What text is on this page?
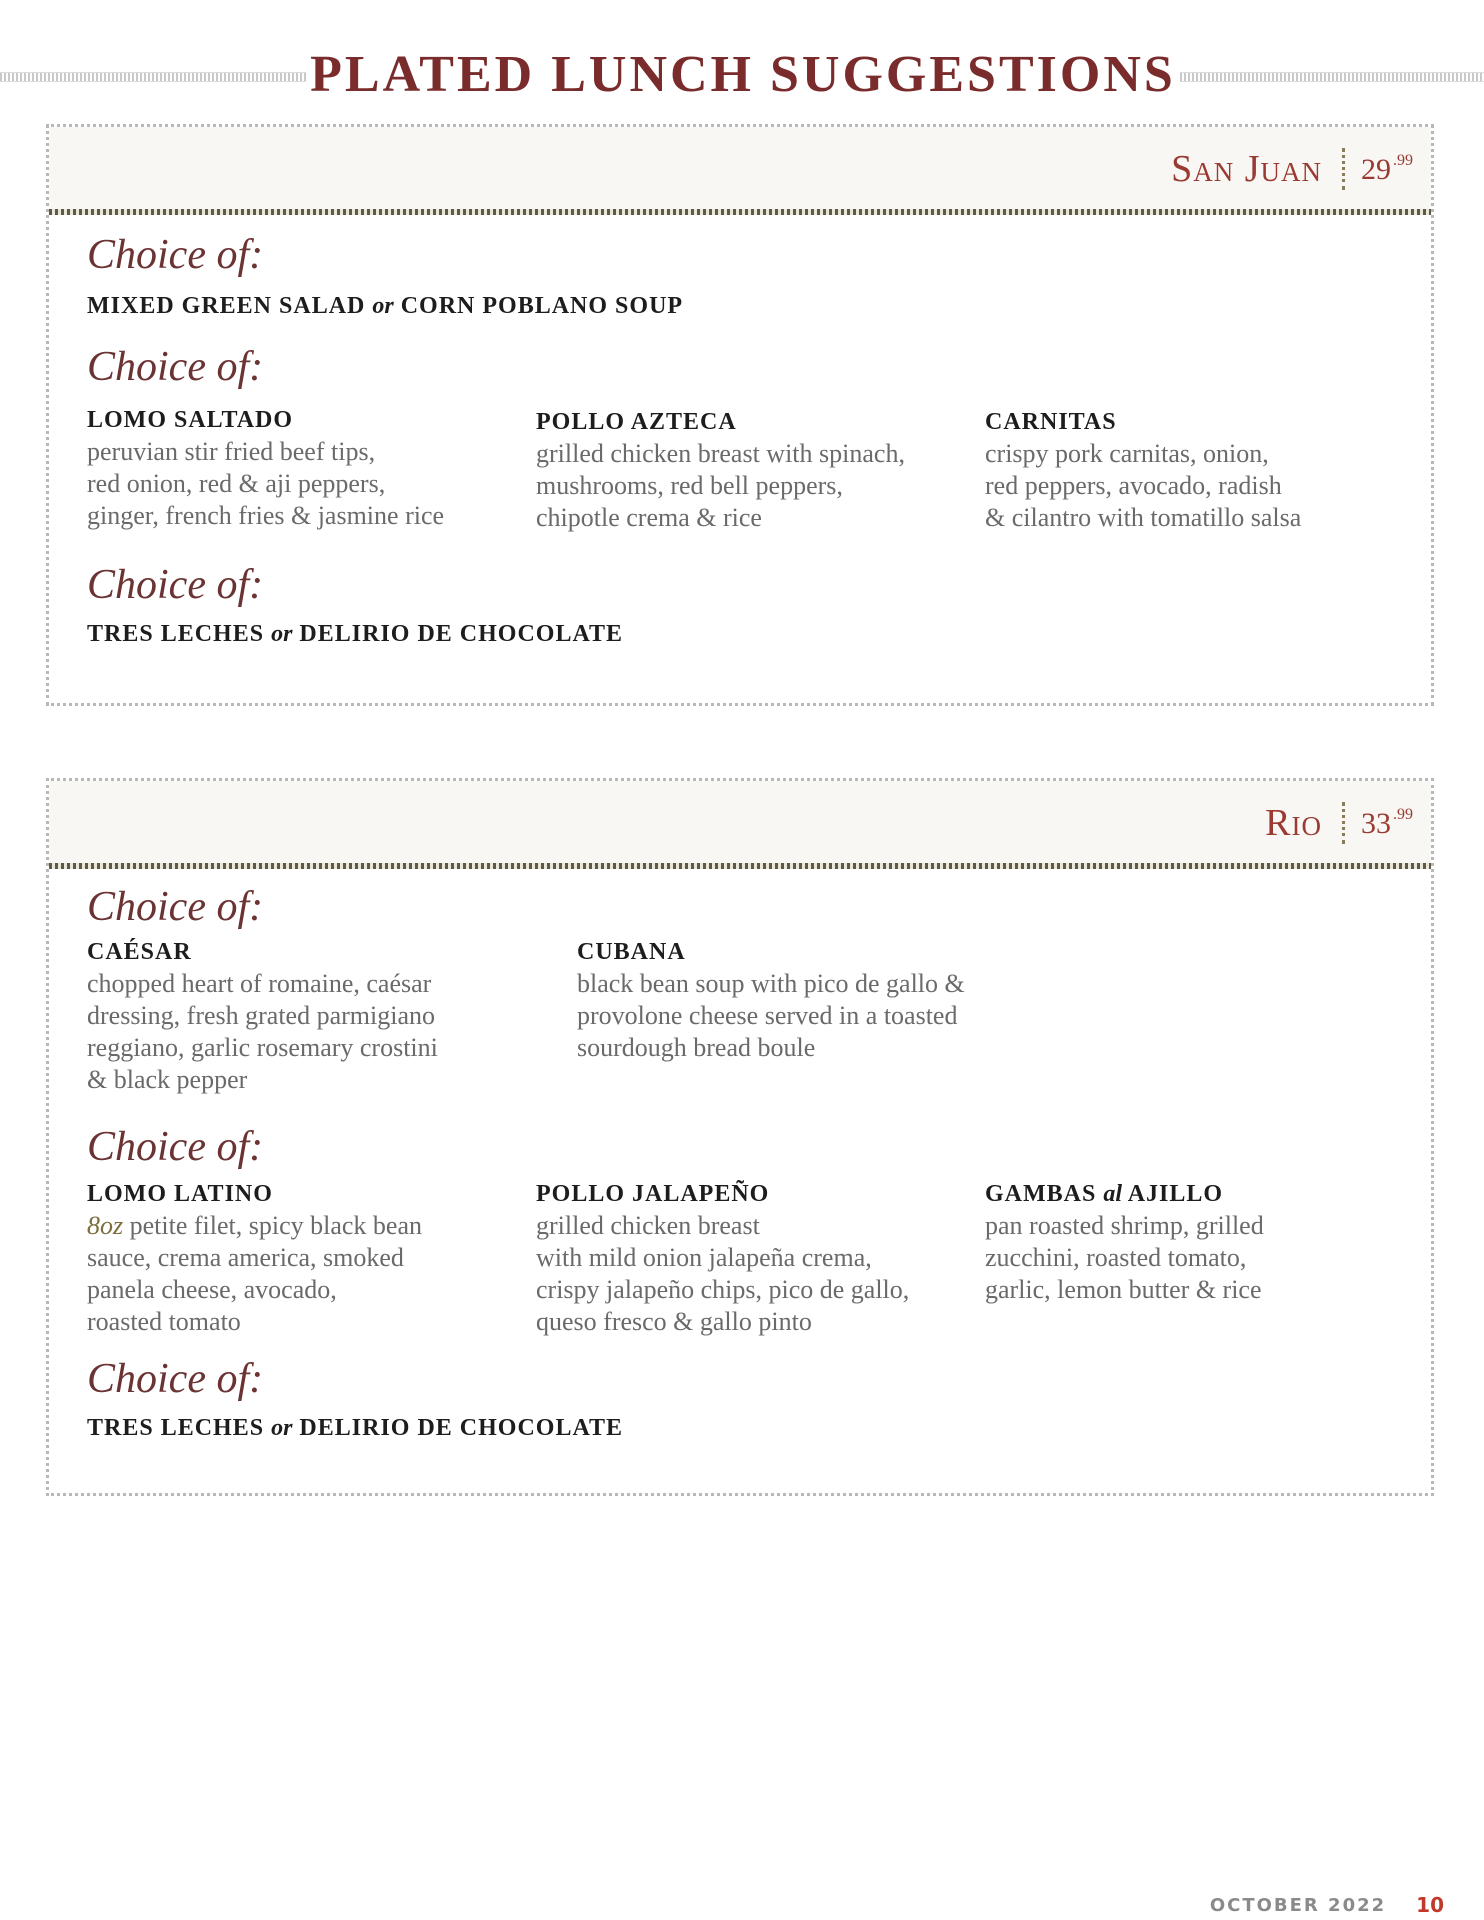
PLATED LUNCH SUGGESTIONS
San Juan 29 $^{.99}$
Choice of:
MIXED GREEN SALAD or CORN POBLANO SOUP
Choice of:
LOMO SALTADO
peruvian stir fried beef tips,
red onion, red & aji peppers,
ginger, french fries & jasmine rice
POLLO AZTECA
grilled chicken breast with spinach,
mushrooms, red bell peppers,
chipotle crema & rice
CARNITAS
crispy pork carnitas, onion,
red peppers, avocado, radish
& cilantro with tomatillo salsa
Choice of:
TRES LECHES or DELIRIO DE CHOCOLATE
Rio 33 $^{.99}$
Choice of:
CAÉSAR
chopped heart of romaine, caésar
dressing, fresh grated parmigiano
reggiano, garlic rosemary crostini
& black pepper
CUBANA
black bean soup with pico de gallo &
provolone cheese served in a toasted
sourdough bread boule
Choice of:
LOMO LATINO
8oz petite filet, spicy black bean
sauce, crema america, smoked
panela cheese, avocado,
roasted tomato
POLLO JALAPEÑO
grilled chicken breast
with mild onion jalapeña crema,
crispy jalapeño chips, pico de gallo,
queso fresco & gallo pinto
GAMBAS al AJILLO
pan roasted shrimp, grilled
zucchini, roasted tomato,
garlic, lemon butter & rice
Choice of:
TRES LECHES or DELIRIO DE CHOCOLATE
OCTOBER 2022 10
